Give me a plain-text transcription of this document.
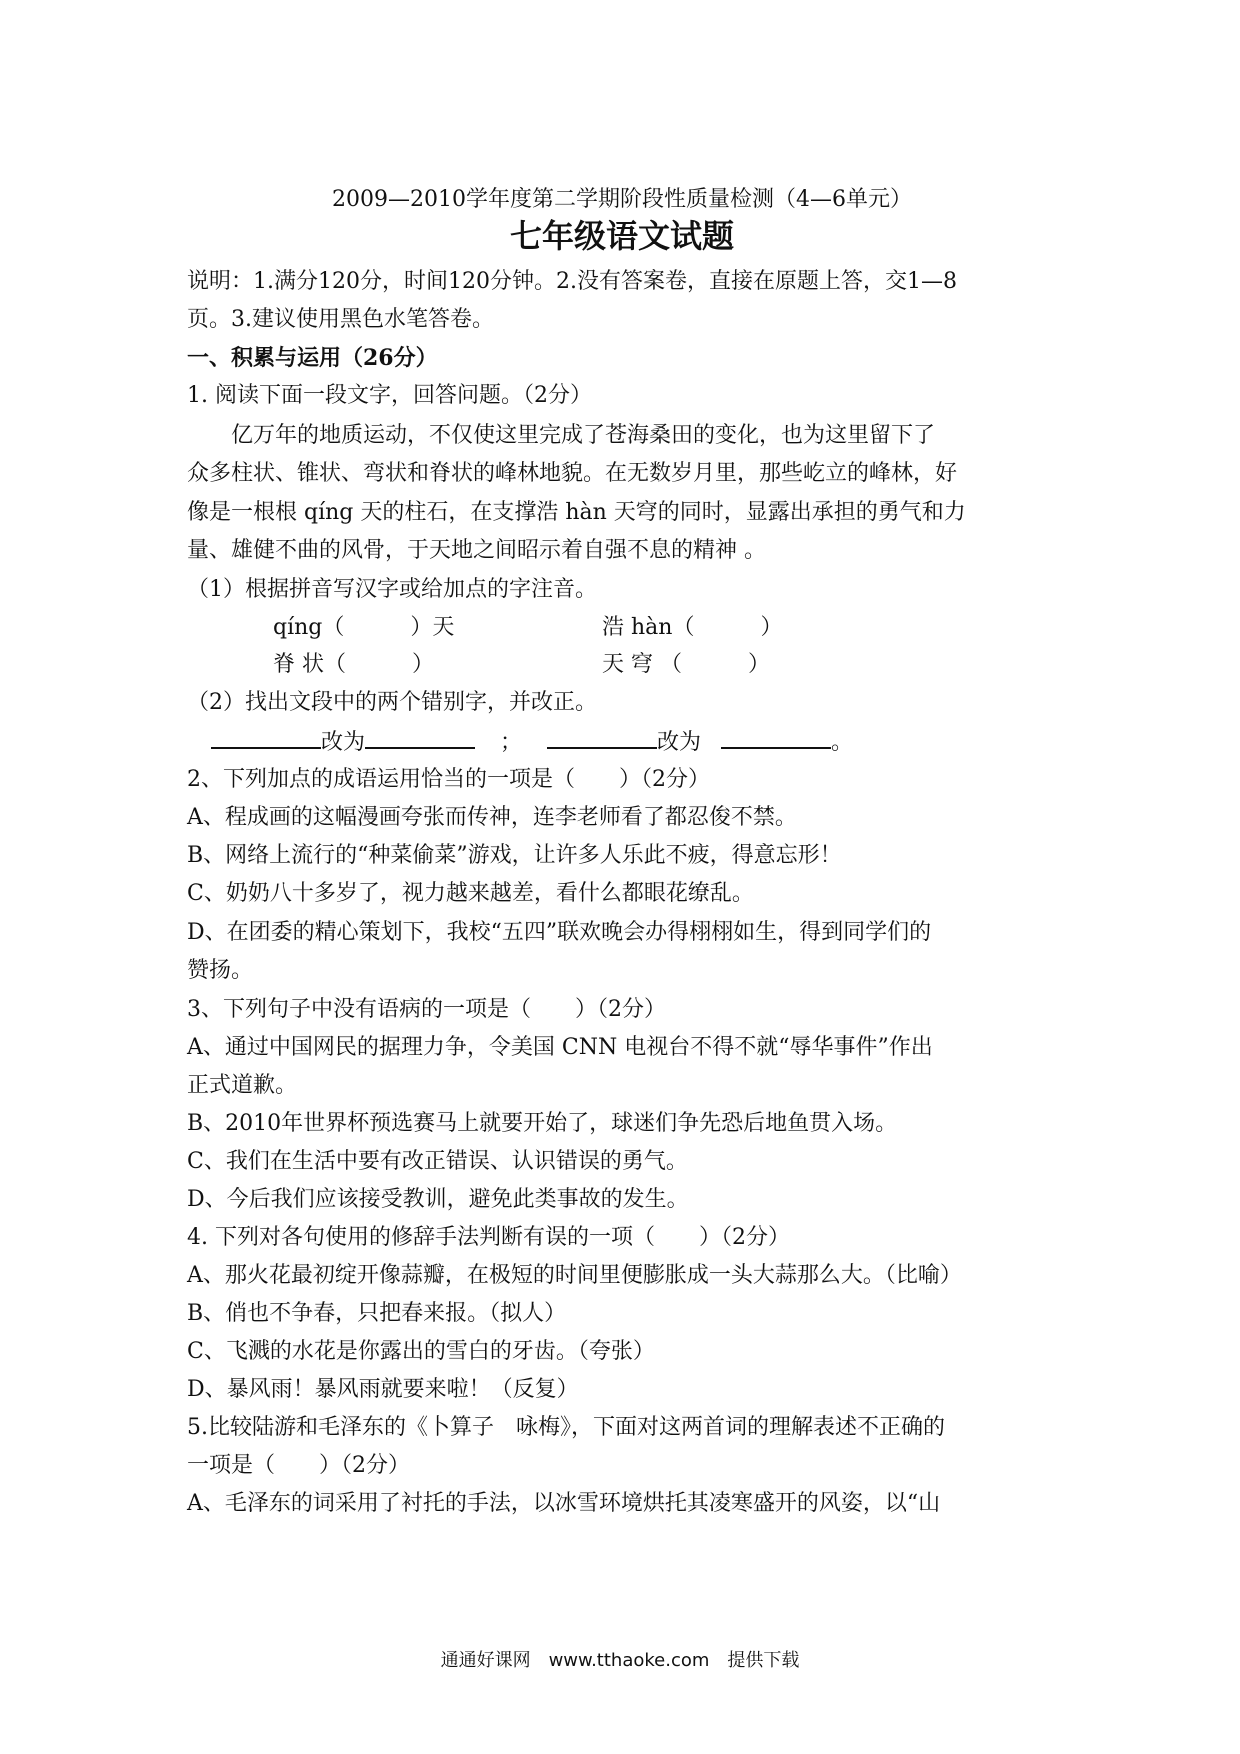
2009—2010学年度第二学期阶段性质量检测（4—6单元）
七年级语文试题
说明：1.满分120分，时间120分钟。2.没有答案卷，直接在原题上答，交1—8
页。3.建议使用黑色水笔答卷。
一、积累与运用（26分）
1. 阅读下面一段文字，回答问题。（2分）
亿万年的地质运动，不仅使这里完成了苍海桑田的变化，也为这里留下了
众多柱状、锥状、弯状和脊状的峰林地貌。在无数岁月里，那些屹立的峰林，好
像是一根根 qíng 天的柱石，在支撑浩 hàn 天穹的同时，显露出承担的勇气和力
量、雄健不曲的风骨，于天地之间昭示着自强不息的精神 。
（1）根据拼音写汉字或给加点的字注音。
qíng（　　　）天	浩 hàn（　　　）
脊 状（　　　）	天 穹 （　　　）
（2）找出文段中的两个错别字，并改正。
改为	；	改为	。
2、下列加点的成语运用恰当的一项是（　　）（2分）
A、程成画的这幅漫画夸张而传神，连李老师看了都忍俊不禁。
B、网络上流行的“种菜偷菜”游戏，让许多人乐此不疲，得意忘形！
C、奶奶八十多岁了，视力越来越差，看什么都眼花缭乱。
D、在团委的精心策划下，我校“五四”联欢晚会办得栩栩如生，得到同学们的
赞扬。
3、下列句子中没有语病的一项是（　　）（2分）
A、通过中国网民的据理力争，令美国 CNN 电视台不得不就“辱华事件”作出
正式道歉。
B、2010年世界杯预选赛马上就要开始了，球迷们争先恐后地鱼贯入场。
C、我们在生活中要有改正错误、认识错误的勇气。
D、今后我们应该接受教训，避免此类事故的发生。
4. 下列对各句使用的修辞手法判断有误的一项（　　）（2分）
A、那火花最初绽开像蒜瓣，在极短的时间里便膨胀成一头大蒜那么大。（比喻）
B、俏也不争春，只把春来报。（拟人）
C、飞溅的水花是你露出的雪白的牙齿。（夸张）
D、暴风雨！暴风雨就要来啦！（反复）
5.比较陆游和毛泽东的《卜算子　咏梅》，下面对这两首词的理解表述不正确的
一项是（　　）（2分）
A、毛泽东的词采用了衬托的手法，以冰雪环境烘托其凌寒盛开的风姿，以“山
通通好课网　www.tthaoke.com　提供下载
